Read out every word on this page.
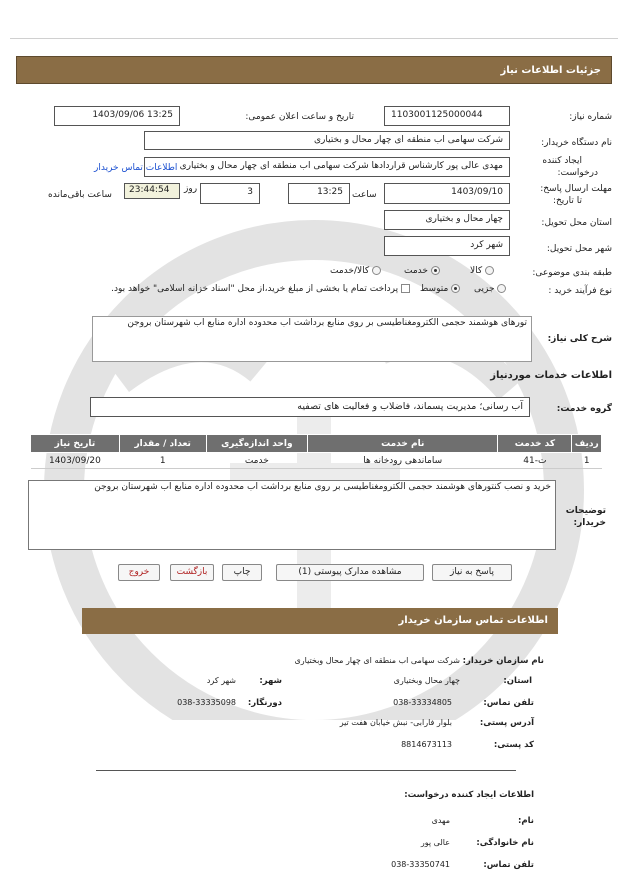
جزئیات اطلاعات نیاز
شماره نیاز:
1103001125000044
تاریخ و ساعت اعلان عمومی:
1403/09/06 13:25
نام دستگاه خریدار:
شرکت سهامی اب منطقه ای چهار محال و بختیاری
ایجاد کننده
درخواست:
مهدی عالی پور کارشناس قراردادها شرکت سهامی اب منطقه ای چهار محال و بختیاری
اطلاعات تماس خریدار
مهلت ارسال پاسخ:
تا تاریخ:
1403/09/10
ساعت
13:25
3
روز
23:44:54
ساعت باقی‌مانده
استان محل تحویل:
چهار محال و بختیاری
شهر محل تحویل:
شهر کرد
طبقه بندی موضوعی:
کالا
خدمت
کالا/خدمت
نوع فرآیند خرید :
جزیی
متوسط
پرداخت تمام یا بخشی از مبلغ خرید،از محل "اسناد خزانه اسلامی" خواهد بود.
شرح کلی نیاز:
تورهای هوشمند حجمی الکترومغناطیسی بر روی منابع برداشت اب محدوده اداره منابع اب شهرستان بروجن
اطلاعات خدمات مورد‌نیاز
گروه خدمت:
آب رسانی؛ مدیریت پسماند، فاضلاب و فعالیت های تصفیه
ردیف	کد خدمت	نام خدمت	واحد اندازه‌گیری	تعداد / مقدار	تاریخ نیاز
1	ت-41	ساماندهی رودخانه ها	خدمت	1	1403/09/20
توضیحات
خریدار:
خرید و نصب کنتورهای هوشمند حجمی الکترومغناطیسی بر روی منابع برداشت اب محدوده اداره منابع اب شهرستان بروجن
پاسخ به نیاز
مشاهده مدارک پیوستی (1)
چاپ
بازگشت
خروج
اطلاعات تماس سازمان خریدار
نام سازمان خریدار:
شرکت سهامی اب منطقه ای چهار محال وبختیاری
استان:
چهار محال وبختیاری
شهر:
شهر کرد
تلفن تماس:
038-33334805
دورنگار:
038-33335098
آدرس پستی:
بلوار فارابی- نبش خیابان هفت تیر
کد پستی:
8814673113
اطلاعات ایجاد کننده درخواست:
نام:
مهدی
نام خانوادگی:
عالی پور
تلفن تماس:
038-33350741
